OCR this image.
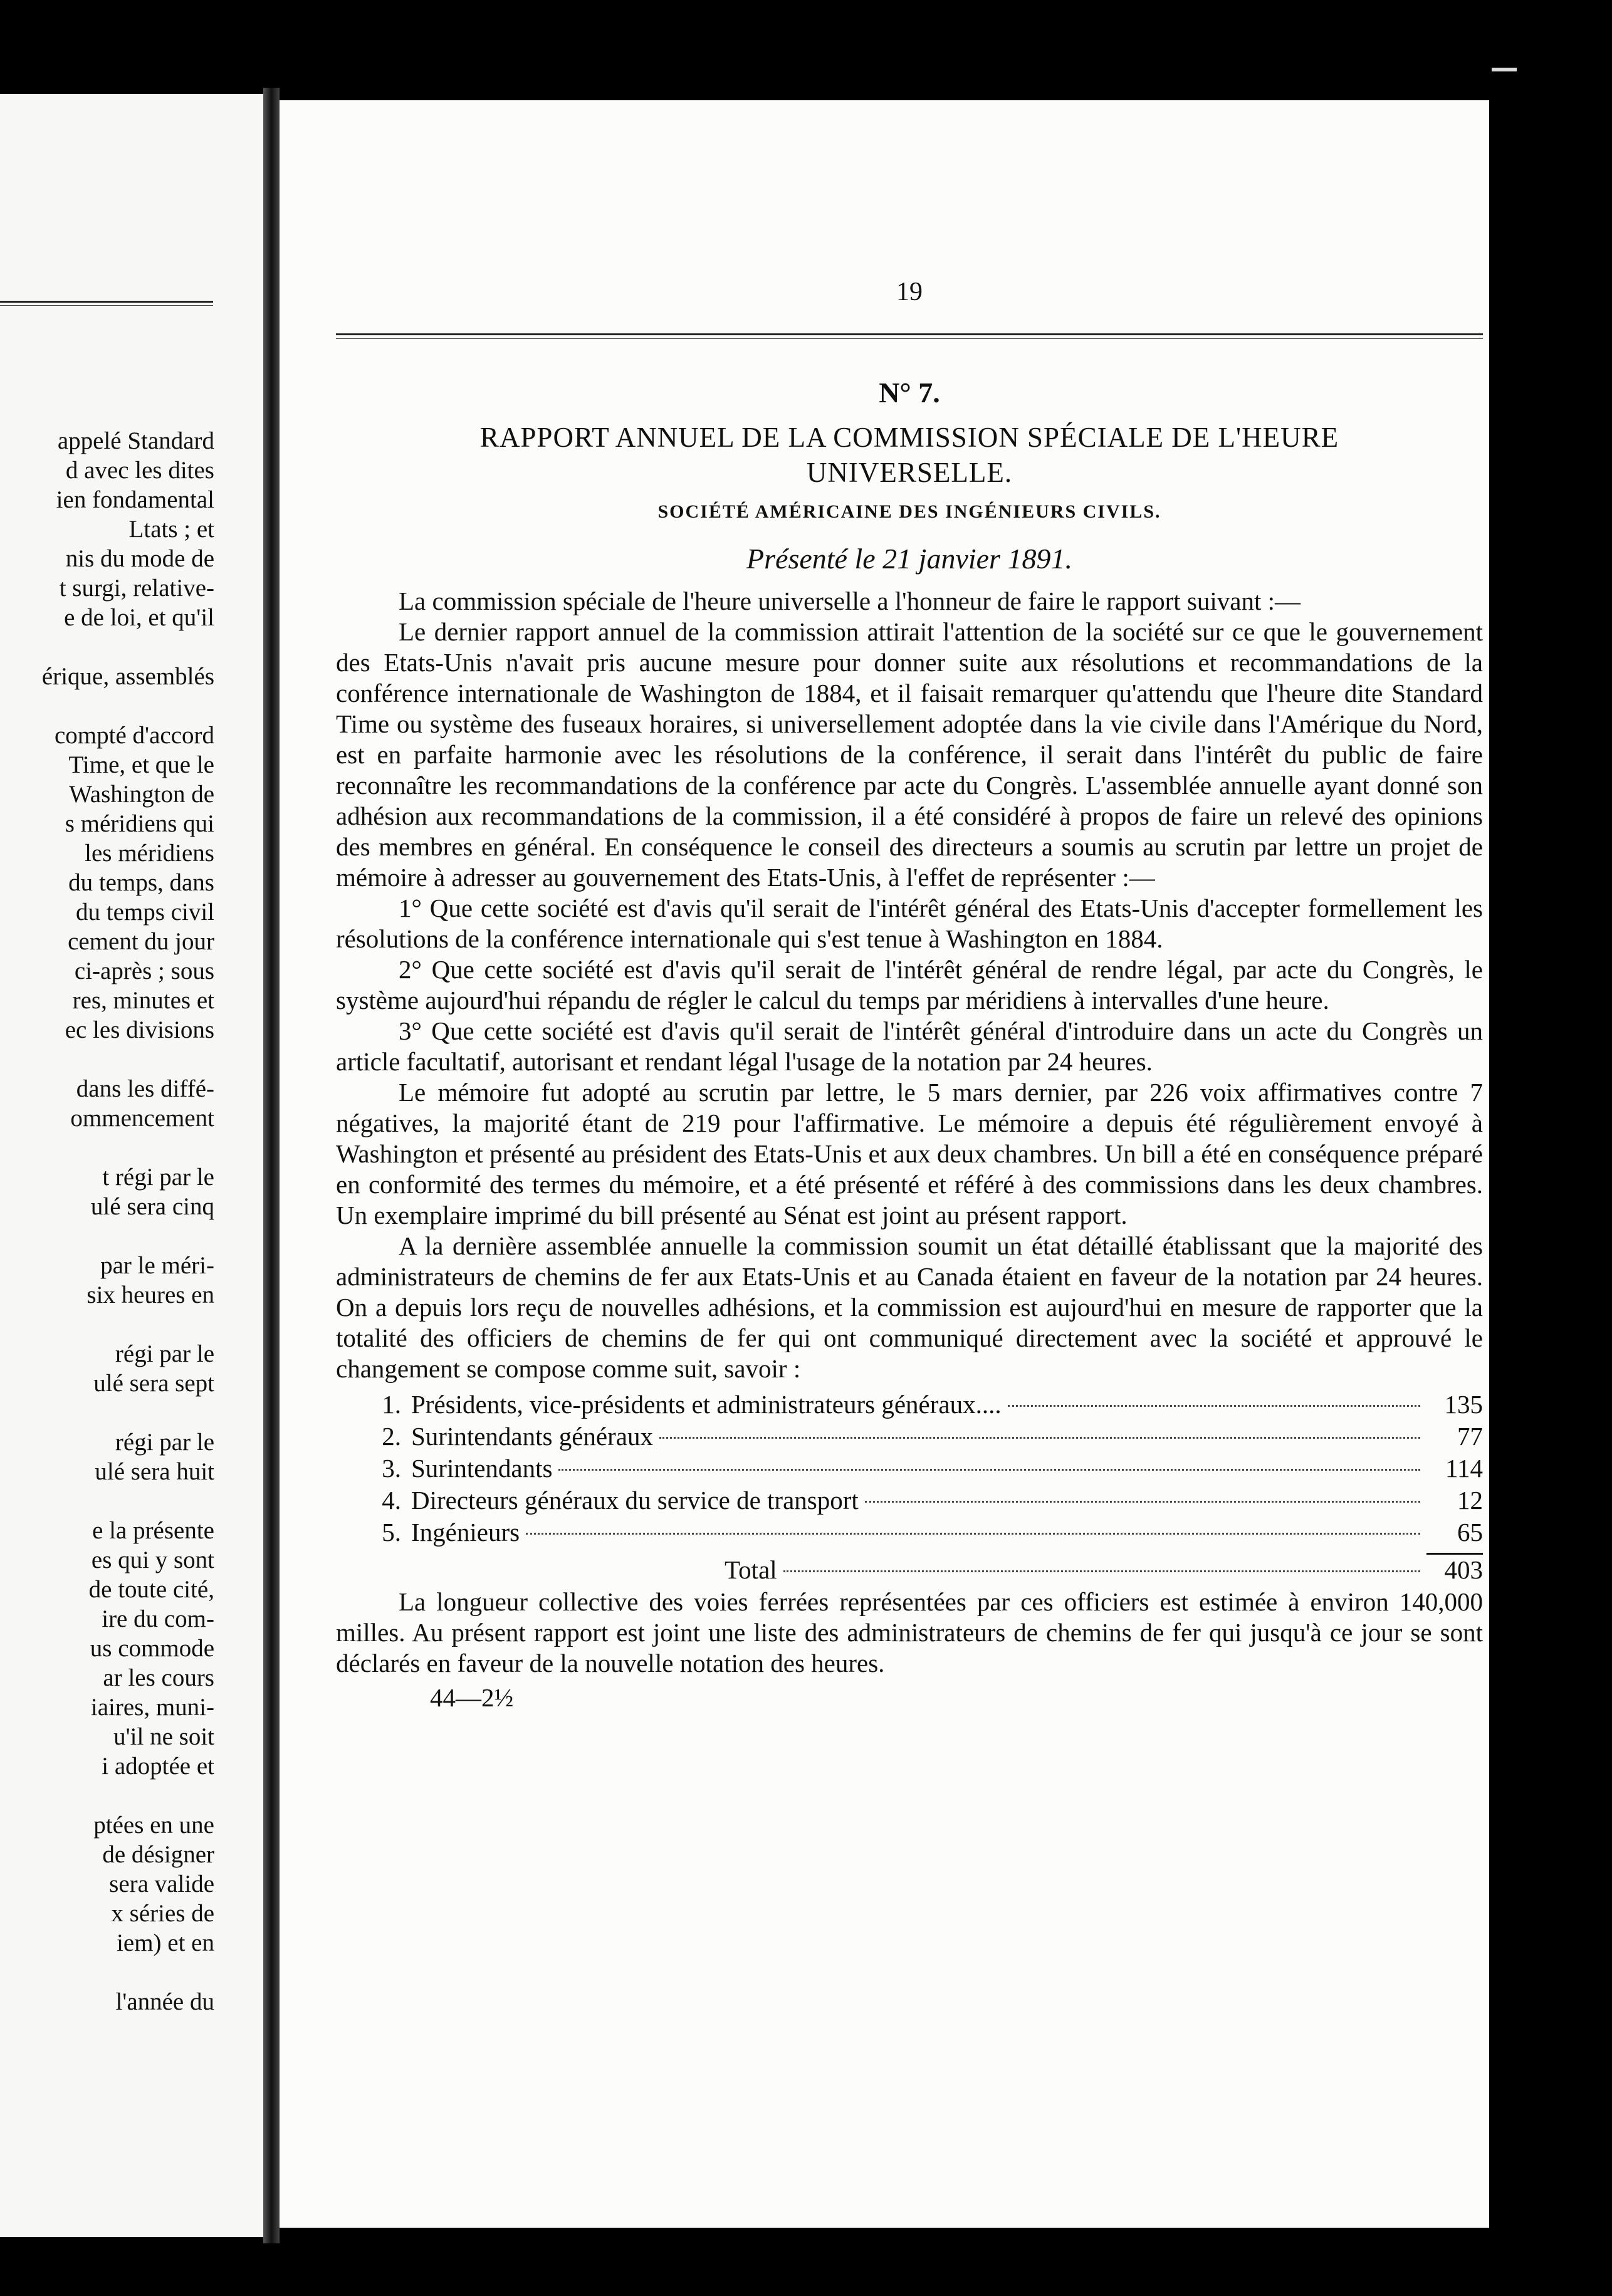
appelé Standard
d avec les dites
ien fondamental
Ltats ; et
nis du mode de
t surgi, relative-
e de loi, et qu'il
érique, assemblés
compté d'accord
Time, et que le
Washington de
s méridiens qui
les méridiens
du temps, dans
du temps civil
cement du jour
ci-après ; sous
res, minutes et
ec les divisions
dans les diffé-
ommencement
t régi par le
ulé sera cinq
par le méri-
six heures en
régi par le
ulé sera sept
régi par le
ulé sera huit
e la présente
es qui y sont
de toute cité,
ire du com-
us commode
ar les cours
iaires, muni-
u'il ne soit
i adoptée et
ptées en une
de désigner
sera valide
x séries de
iem) et en
l'année du
19
N° 7.
RAPPORT ANNUEL DE LA COMMISSION SPÉCIALE DE L'HEURE UNIVERSELLE.
SOCIÉTÉ AMÉRICAINE DES INGÉNIEURS CIVILS.
Présenté le 21 janvier 1891.

La commission spéciale de l'heure universelle a l'honneur de faire le rapport suivant :—

Le dernier rapport annuel de la commission attirait l'attention de la société sur ce que le gouvernement des Etats-Unis n'avait pris aucune mesure pour donner suite aux résolutions et recommandations de la conférence internationale de Washington de 1884, et il faisait remarquer qu'attendu que l'heure dite Standard Time ou système des fuseaux horaires, si universellement adoptée dans la vie civile dans l'Amérique du Nord, est en parfaite harmonie avec les résolutions de la conférence, il serait dans l'intérêt du public de faire reconnaître les recommandations de la conférence par acte du Congrès. L'assemblée annuelle ayant donné son adhésion aux recommandations de la commission, il a été considéré à propos de faire un relevé des opinions des membres en général. En conséquence le conseil des directeurs a soumis au scrutin par lettre un projet de mémoire à adresser au gouvernement des Etats-Unis, à l'effet de représenter :—

1° Que cette société est d'avis qu'il serait de l'intérêt général des Etats-Unis d'accepter formellement les résolutions de la conférence internationale qui s'est tenue à Washington en 1884.

2° Que cette société est d'avis qu'il serait de l'intérêt général de rendre légal, par acte du Congrès, le système aujourd'hui répandu de régler le calcul du temps par méridiens à intervalles d'une heure.

3° Que cette société est d'avis qu'il serait de l'intérêt général d'introduire dans un acte du Congrès un article facultatif, autorisant et rendant légal l'usage de la notation par 24 heures.

Le mémoire fut adopté au scrutin par lettre, le 5 mars dernier, par 226 voix affirmatives contre 7 négatives, la majorité étant de 219 pour l'affirmative. Le mémoire a depuis été régulièrement envoyé à Washington et présenté au président des Etats-Unis et aux deux chambres. Un bill a été en conséquence préparé en conformité des termes du mémoire, et a été présenté et référé à des commissions dans les deux chambres. Un exemplaire imprimé du bill présenté au Sénat est joint au présent rapport.

A la dernière assemblée annuelle la commission soumit un état détaillé établissant que la majorité des administrateurs de chemins de fer aux Etats-Unis et au Canada étaient en faveur de la notation par 24 heures. On a depuis lors reçu de nouvelles adhésions, et la commission est aujourd'hui en mesure de rapporter que la totalité des officiers de chemins de fer qui ont communiqué directement avec la société et approuvé le changement se compose comme suit, savoir :

1. Présidents, vice-présidents et administrateurs généraux....	135
2. Surintendants généraux	77
3. Surintendants	114
4. Directeurs généraux du service de transport	12
5. Ingénieurs	65
Total	403

La longueur collective des voies ferrées représentées par ces officiers est estimée à environ 140,000 milles. Au présent rapport est joint une liste des administrateurs de chemins de fer qui jusqu'à ce jour se sont déclarés en faveur de la nouvelle notation des heures.

44—2½
